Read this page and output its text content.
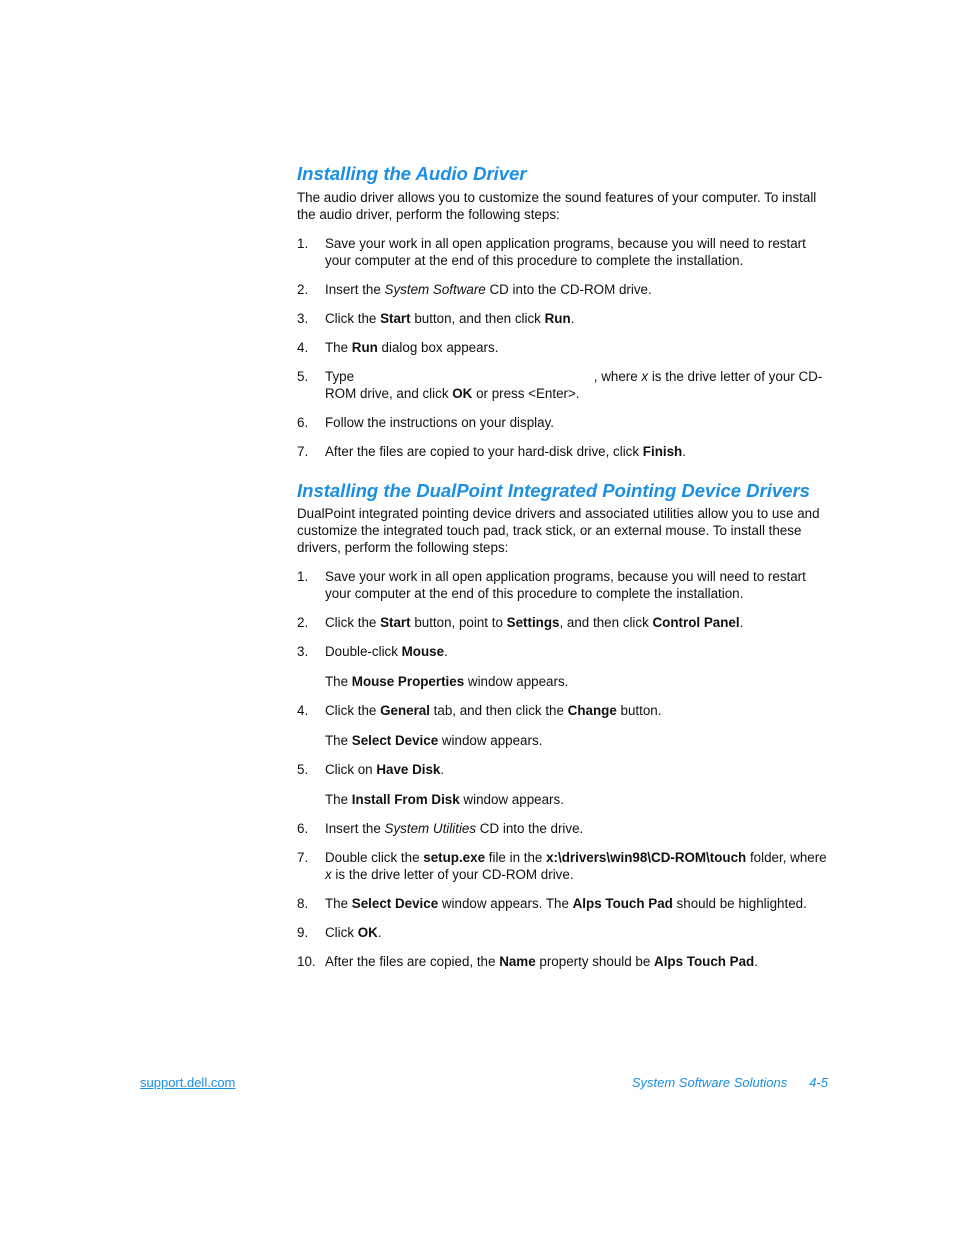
Installing the Audio Driver

The audio driver allows you to customize the sound features of your computer. To install the audio driver, perform the following steps:

1. Save your work in all open application programs, because you will need to restart your computer at the end of this procedure to complete the installation.
2. Insert the System Software CD into the CD-ROM drive.
3. Click the Start button, and then click Run.
4. The Run dialog box appears.
5. Type	, where x is the drive letter of your CD-ROM drive, and click OK or press <Enter>.
6. Follow the instructions on your display.
7. After the files are copied to your hard-disk drive, click Finish.
Installing the DualPoint Integrated Pointing Device Drivers

DualPoint integrated pointing device drivers and associated utilities allow you to use and customize the integrated touch pad, track stick, or an external mouse. To install these drivers, perform the following steps:

1. Save your work in all open application programs, because you will need to restart your computer at the end of this procedure to complete the installation.
2. Click the Start button, point to Settings, and then click Control Panel.
3. Double-click Mouse.

The Mouse Properties window appears.

4. Click the General tab, and then click the Change button.

The Select Device window appears.

5. Click on Have Disk.

The Install From Disk window appears.

6. Insert the System Utilities CD into the drive.
7. Double click the setup.exe file in the x:\drivers\win98\CD-ROM\touch folder, where x is the drive letter of your CD-ROM drive.
8. The Select Device window appears. The Alps Touch Pad should be highlighted.
9. Click OK.
10. After the files are copied, the Name property should be Alps Touch Pad.
support.dell.com	System Software Solutions 4-5
